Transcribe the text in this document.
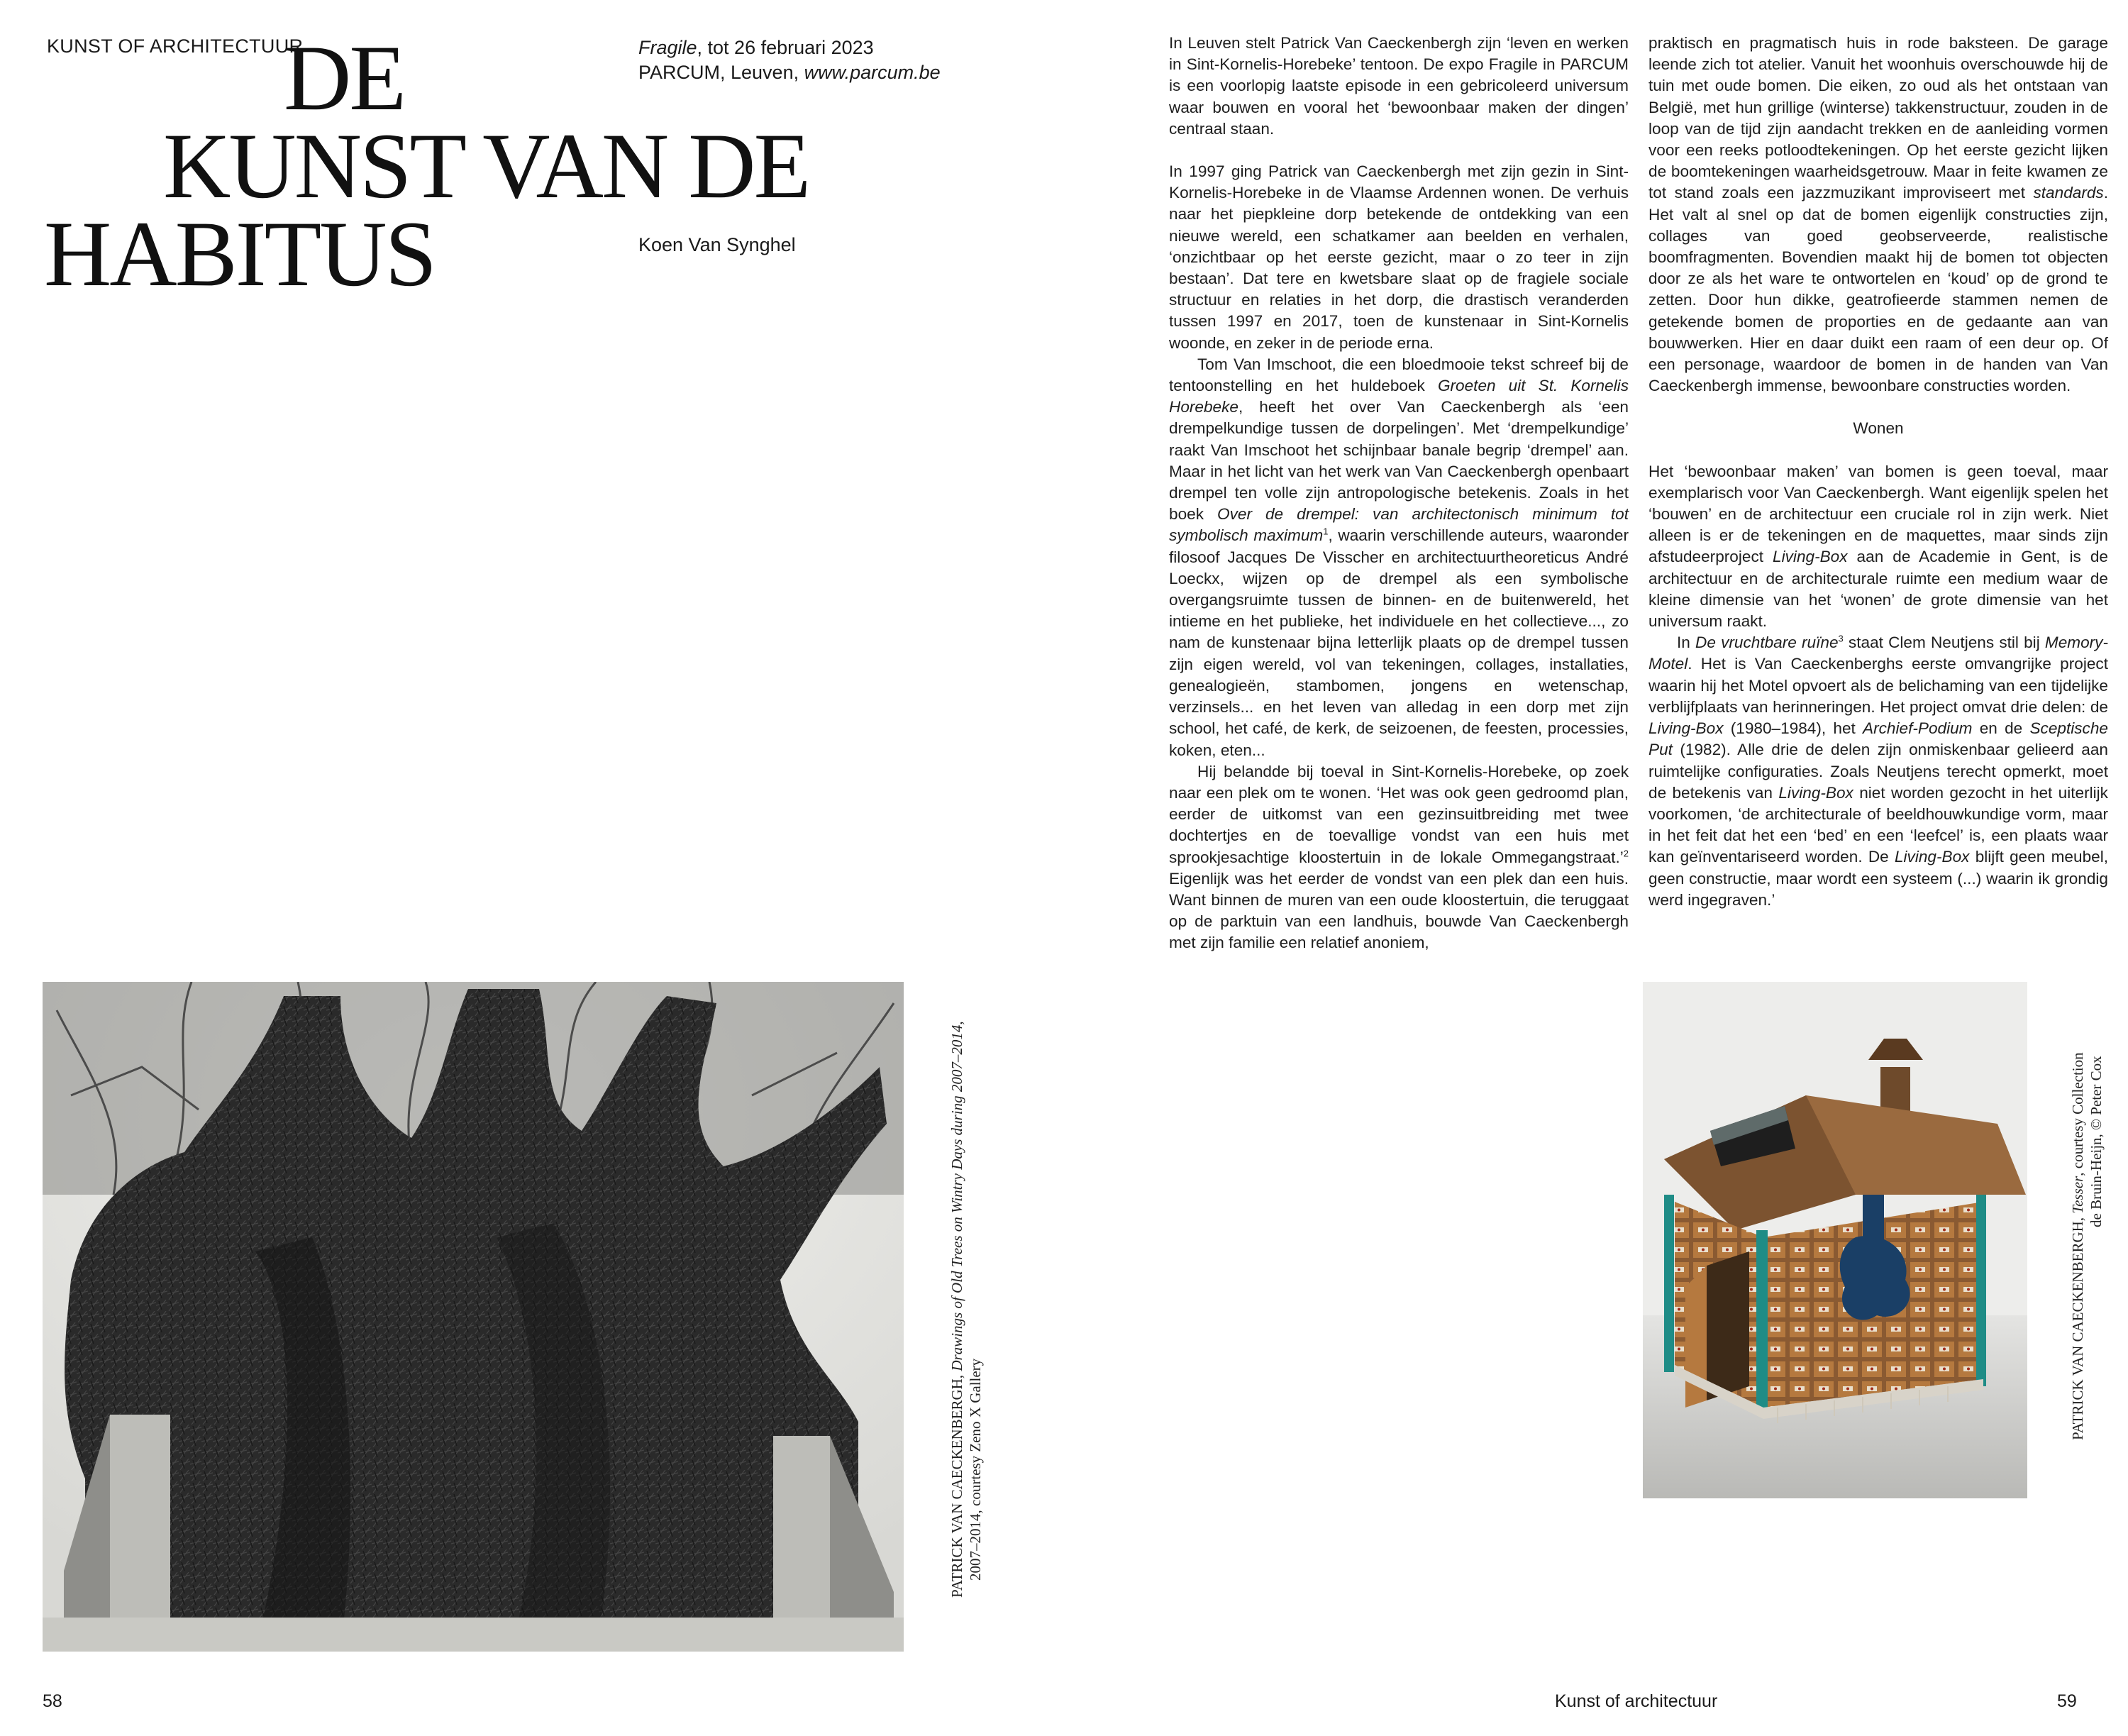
KUNST OF ARCHITECTUUR
DE
KUNST VAN DE
HABITUS
Fragile, tot 26 februari 2023
PARCUM, Leuven, www.parcum.be
Koen Van Synghel
PATRICK VAN CAECKENBERGH, Drawings of Old Trees on Wintry Days during 2007–2014,
2007–2014, courtesy Zeno X Gallery
58

In Leuven stelt Patrick Van Caeckenbergh zijn ‘leven en werken in Sint-Kornelis-Horebeke’ tentoon. De expo Fragile in PARCUM is een voorlopig laatste episode in een gebricoleerd universum waar bouwen en vooral het ‘bewoonbaar maken der dingen’ centraal staan.

In 1997 ging Patrick van Caeckenbergh met zijn gezin in Sint-Kornelis-Horebeke in de Vlaamse Ardennen wonen. De verhuis naar het piepkleine dorp betekende de ontdekking van een nieuwe wereld, een schatkamer aan beelden en verhalen, ‘onzichtbaar op het eerste gezicht, maar o zo teer in zijn bestaan’. Dat tere en kwetsbare slaat op de fragiele sociale structuur en relaties in het dorp, die drastisch veranderden tussen 1997 en 2017, toen de kunstenaar in Sint-Kornelis woonde, en zeker in de periode erna.

Tom Van Imschoot, die een bloedmooie tekst schreef bij de tentoonstelling en het huldeboek Groeten uit St. Kornelis Horebeke, heeft het over Van Caeckenbergh als ‘een drempelkundige tussen de dorpelingen’. Met ‘drempelkundige’ raakt Van Imschoot het schijnbaar banale begrip ‘drempel’ aan. Maar in het licht van het werk van Van Caeckenbergh openbaart drempel ten volle zijn antropologische betekenis. Zoals in het boek Over de drempel: van architectonisch minimum tot symbolisch maximum$^1$, waarin verschillende auteurs, waaronder filosoof Jacques De Visscher en architectuurtheoreticus André Loeckx, wijzen op de drempel als een symbolische overgangsruimte tussen de binnen- en de buitenwereld, het intieme en het publieke, het individuele en het collectieve..., zo nam de kunstenaar bijna letterlijk plaats op de drempel tussen zijn eigen wereld, vol van tekeningen, collages, installaties, genealogieën, stambomen, jongens en wetenschap, verzinsels... en het leven van alledag in een dorp met zijn school, het café, de kerk, de seizoenen, de feesten, processies, koken, eten...

Hij belandde bij toeval in Sint-Kornelis-Horebeke, op zoek naar een plek om te wonen. ‘Het was ook geen gedroomd plan, eerder de uitkomst van een gezinsuitbreiding met twee dochtertjes en de toevallige vondst van een huis met sprookjesachtige kloostertuin in de lokale Ommegangstraat.’$^2$ Eigenlijk was het eerder de vondst van een plek dan een huis. Want binnen de muren van een oude kloostertuin, die teruggaat op de parktuin van een landhuis, bouwde Van Caeckenbergh met zijn familie een relatief anoniem,

praktisch en pragmatisch huis in rode baksteen. De garage leende zich tot atelier. Vanuit het woonhuis overschouwde hij de tuin met oude bomen. Die eiken, zo oud als het ontstaan van België, met hun grillige (winterse) takkenstructuur, zouden in de loop van de tijd zijn aandacht trekken en de aanleiding vormen voor een reeks potloodtekeningen. Op het eerste gezicht lijken de boomtekeningen waarheidsgetrouw. Maar in feite kwamen ze tot stand zoals een jazzmuzikant improviseert met standards. Het valt al snel op dat de bomen eigenlijk constructies zijn, collages van goed geobserveerde, realistische boomfragmenten. Bovendien maakt hij de bomen tot objecten door ze als het ware te ontwortelen en ‘koud’ op de grond te zetten. Door hun dikke, geatrofieerde stammen nemen de getekende bomen de proporties en de gedaante aan van bouwwerken. Hier en daar duikt een raam of een deur op. Of een personage, waardoor de bomen in de handen van Van Caeckenbergh immense, bewoonbare constructies worden.

Wonen

Het ‘bewoonbaar maken’ van bomen is geen toeval, maar exemplarisch voor Van Caeckenbergh. Want eigenlijk spelen het ‘bouwen’ en de architectuur een cruciale rol in zijn werk. Niet alleen is er de tekeningen en de maquettes, maar sinds zijn afstudeerproject Living-Box aan de Academie in Gent, is de architectuur en de architecturale ruimte een medium waar de kleine dimensie van het ‘wonen’ de grote dimensie van het universum raakt.

In De vruchtbare ruïne$^3$ staat Clem Neutjens stil bij Memory-Motel. Het is Van Caeckenberghs eerste omvangrijke project waarin hij het Motel opvoert als de belichaming van een tijdelijke verblijfplaats van herinneringen. Het project omvat drie delen: de Living-Box (1980–1984), het Archief-Podium en de Sceptische Put (1982). Alle drie de delen zijn onmiskenbaar gelieerd aan ruimtelijke configuraties. Zoals Neutjens terecht opmerkt, moet de betekenis van Living-Box niet worden gezocht in het uiterlijk voorkomen, ‘de architecturale of beeldhouwkundige vorm, maar in het feit dat het een ‘bed’ en een ‘leefcel’ is, een plaats waar kan geïnventariseerd worden. De Living-Box blijft geen meubel, geen constructie, maar wordt een systeem (...) waarin ik grondig werd ingegraven.’

PATRICK VAN CAECKENBERGH, Tesser, courtesy Collection de Bruin-Heijn, © Peter Cox
Kunst of architectuur	59
